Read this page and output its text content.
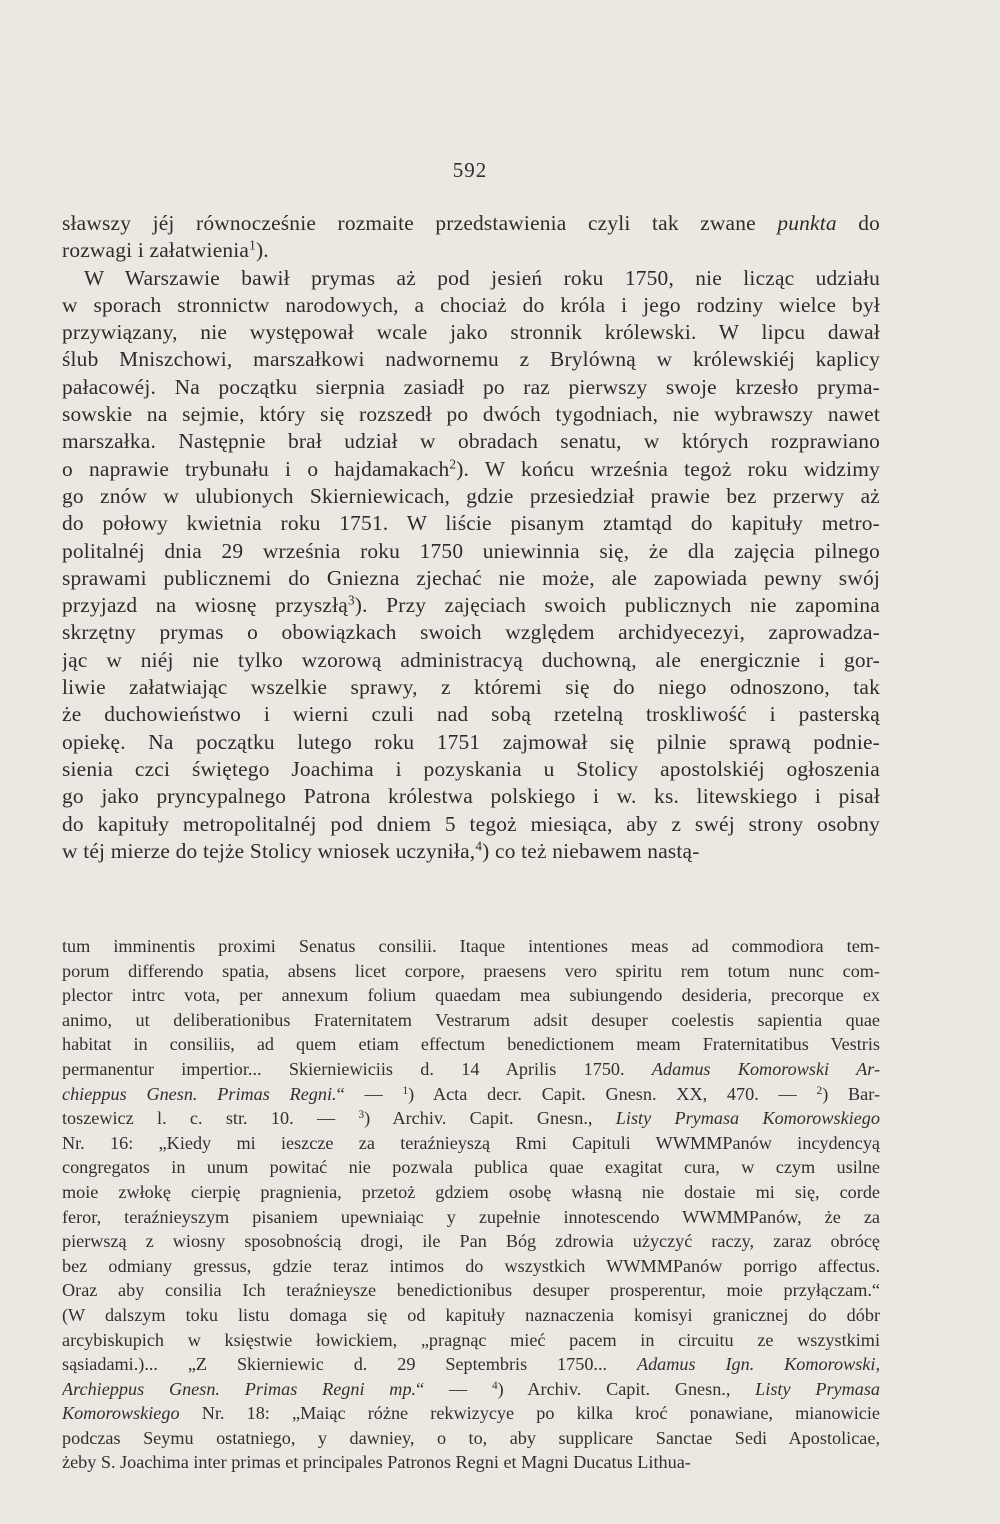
592
sławszy jéj równocześnie rozmaite przedstawienia czyli tak zwane punkta do
rozwagi i załatwienia$^1$).
W Warszawie bawił prymas aż pod jesień roku 1750, nie licząc udziału
w sporach stronnictw narodowych, a chociaż do króla i jego rodziny wielce był
przywiązany, nie występował wcale jako stronnik królewski. W lipcu dawał
ślub Mniszchowi, marszałkowi nadwornemu z Brylówną w królewskiéj kaplicy
pałacowéj. Na początku sierpnia zasiadł po raz pierwszy swoje krzesło pryma-
sowskie na sejmie, który się rozszedł po dwóch tygodniach, nie wybrawszy nawet
marszałka. Następnie brał udział w obradach senatu, w których rozprawiano
o naprawie trybunału i o hajdamakach$^2$). W końcu września tegoż roku widzimy
go znów w ulubionych Skierniewicach, gdzie przesiedział prawie bez przerwy aż
do połowy kwietnia roku 1751. W liście pisanym ztamtąd do kapituły metro-
politalnéj dnia 29 września roku 1750 uniewinnia się, że dla zajęcia pilnego
sprawami publicznemi do Gniezna zjechać nie może, ale zapowiada pewny swój
przyjazd na wiosnę przyszłą$^3$). Przy zajęciach swoich publicznych nie zapomina
skrzętny prymas o obowiązkach swoich względem archidyecezyi, zaprowadza-
jąc w niéj nie tylko wzorową administracyą duchowną, ale energicznie i gor-
liwie załatwiając wszelkie sprawy, z któremi się do niego odnoszono, tak
że duchowieństwo i wierni czuli nad sobą rzetelną troskliwość i pasterską
opiekę. Na początku lutego roku 1751 zajmował się pilnie sprawą podnie-
sienia czci świętego Joachima i pozyskania u Stolicy apostolskiéj ogłoszenia
go jako pryncypalnego Patrona królestwa polskiego i w. ks. litewskiego i pisał
do kapituły metropolitalnéj pod dniem 5 tegoż miesiąca, aby z swéj strony osobny
w téj mierze do tejże Stolicy wniosek uczyniła,$^4$) co też niebawem nastą-
tum imminentis proximi Senatus consilii. Itaque intentiones meas ad commodiora tem-
porum differendo spatia, absens licet corpore, praesens vero spiritu rem totum nunc com-
plector intrc vota, per annexum folium quaedam mea subiungendo desideria, precorque ex
animo, ut deliberationibus Fraternitatem Vestrarum adsit desuper coelestis sapientia quae
habitat in consiliis, ad quem etiam effectum benedictionem meam Fraternitatibus Vestris
permanentur impertior... Skierniewiciis d. 14 Aprilis 1750. Adamus Komorowski Ar-
chieppus Gnesn. Primas Regni.“ — $^1$) Acta decr. Capit. Gnesn. XX, 470. — $^2$) Bar-
toszewicz l. c. str. 10. — $^3$) Archiv. Capit. Gnesn., Listy Prymasa Komorowskiego
Nr. 16: „Kiedy mi ieszcze za teraźnieyszą Rmi Capituli WWMMPanów incydencyą
congregatos in unum powitać nie pozwala publica quae exagitat cura, w czym usilne
moie zwłokę cierpię pragnienia, przetoż gdziem osobę własną nie dostaie mi się, corde
feror, teraźnieyszym pisaniem upewniaiąc y zupełnie innotescendo WWMMPanów, że za
pierwszą z wiosny sposobnością drogi, ile Pan Bóg zdrowia użyczyć raczy, zaraz obrócę
bez odmiany gressus, gdzie teraz intimos do wszystkich WWMMPanów porrigo affectus.
Oraz aby consilia Ich teraźnieysze benedictionibus desuper prosperentur, moie przyłączam.“
(W dalszym toku listu domaga się od kapituły naznaczenia komisyi granicznej do dóbr
arcybiskupich w księstwie łowickiem, „pragnąc mieć pacem in circuitu ze wszystkimi
sąsiadami.)... „Z Skierniewic d. 29 Septembris 1750... Adamus Ign. Komorowski,
Archieppus Gnesn. Primas Regni mp.“ — $^4$) Archiv. Capit. Gnesn., Listy Prymasa
Komorowskiego Nr. 18: „Maiąc różne rekwizycye po kilka kroć ponawiane, mianowicie
podczas Seymu ostatniego, y dawniey, o to, aby supplicare Sanctae Sedi Apostolicae,
żeby S. Joachima inter primas et principales Patronos Regni et Magni Ducatus Lithua-
